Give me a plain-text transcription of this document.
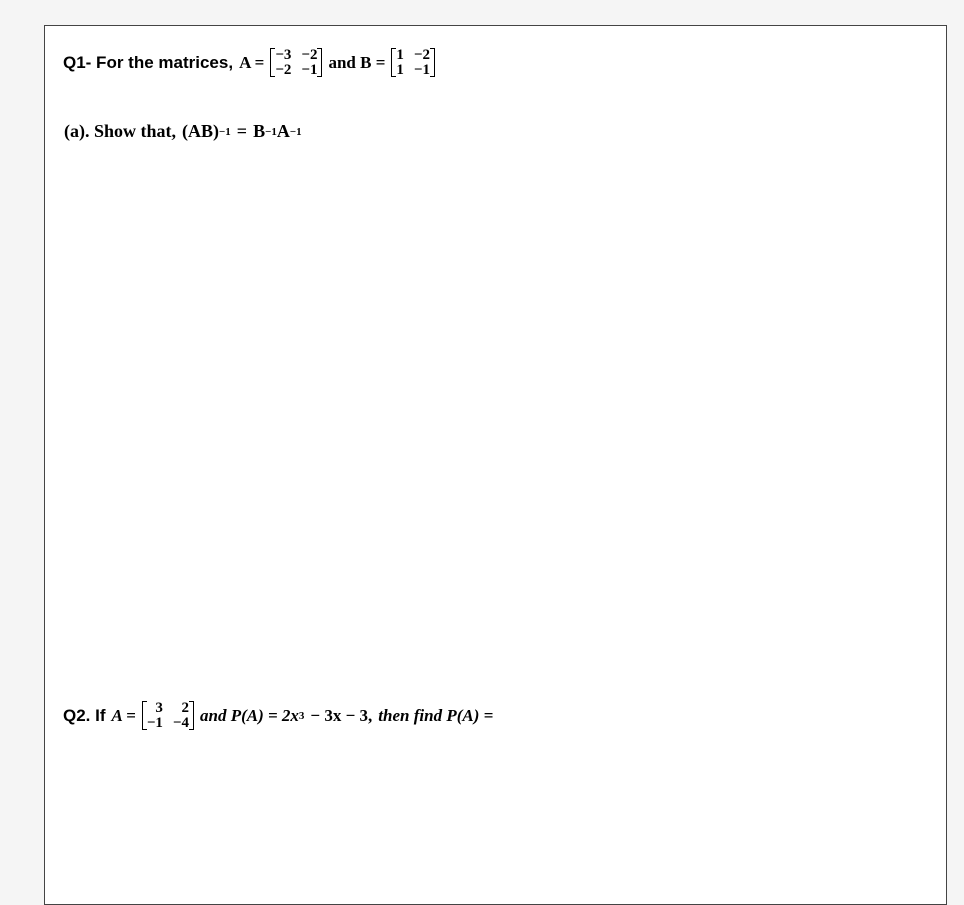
Q1- For the matrices, A = −3 −2
−2 −1 and B = 1 −2
1 −1
(a). Show that, (AB) −1 = B −1 A −1
Q2. If A =	3	2
−1 −4 and P(A) = 2x 3 − 3x − 3, then find P(A) =
